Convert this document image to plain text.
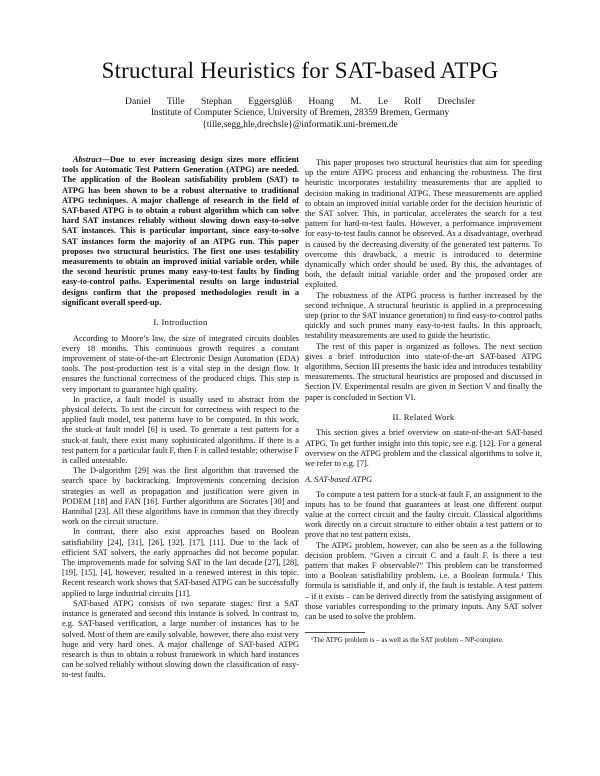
Structural Heuristics for SAT-based ATPG
Daniel Tille Stephan Eggersglüß Hoang M. Le Rolf Drechsler
Institute of Computer Science, University of Bremen, 28359 Bremen, Germany
{tille,segg,hle,drechsle}@informatik.uni-bremen.de

Abstract—Due to ever increasing design sizes more efficient tools for Automatic Test Pattern Generation (ATPG) are needed. The application of the Boolean satisfiability problem (SAT) to ATPG has been shown to be a robust alternative to traditional ATPG techniques. A major challenge of research in the field of SAT-based ATPG is to obtain a robust algorithm which can solve hard SAT instances reliably without slowing down easy-to-solve SAT instances. This is particular important, since easy-to-solve SAT instances form the majority of an ATPG run. This paper proposes two structural heuristics. The first one uses testability measurements to obtain an improved initial variable order, while the second heuristic prunes many easy-to-test faults by finding easy-to-control paths. Experimental results on large industrial designs confirm that the proposed methodologies result in a significant overall speed-up.

I. Introduction

According to Moore’s law, the size of integrated circuits doubles every 18 months. This continuous growth requires a constant improvement of state-of-the-art Electronic Design Automation (EDA) tools. The post-production test is a vital step in the design flow. It ensures the functional correctness of the produced chips. This step is very important to guarantee high quality.

In practice, a fault model is usually used to abstract from the physical defects. To test the circuit for correctness with respect to the applied fault model, test patterns have to be computed. In this work, the stuck-at fault model [6] is used. To generate a test pattern for a stuck-at fault, there exist many sophisticated algorithms. If there is a test pattern for a particular fault F, then F is called testable; otherwise F is called untestable.

The D-algorithm [29] was the first algorithm that traversed the search space by backtracking. Improvements concerning decision strategies as well as propagation and justification were given in PODEM [18] and FAN [16]. Further algorithms are Socrates [30] and Hannibal [23]. All these algorithms have in common that they directly work on the circuit structure.

In contrast, there also exist approaches based on Boolean satisfiability [24], [31], [26], [32], [17], [11]. Due to the lack of efficient SAT solvers, the early approaches did not become popular. The improvements made for solving SAT in the last decade [27], [28], [19], [15], [4], however, resulted in a renewed interest in this topic. Recent research work shows that SAT-based ATPG can be successfully applied to large industrial circuits [11].

SAT-based ATPG consists of two separate stages: first a SAT instance is generated and second this instance is solved. In contrast to, e.g. SAT-based verification, a large number of instances has to be solved. Most of them are easily solvable, however, there also exist very huge and very hard ones. A major challenge of SAT-based ATPG research is thus to obtain a robust framework in which hard instances can be solved reliably without slowing down the classification of easy-to-test faults.

This paper proposes two structural heuristics that aim for speeding up the entire ATPG process and enhancing the robustness. The first heuristic incorporates testability measurements that are applied to decision making in traditional ATPG. These measurements are applied to obtain an improved initial variable order for the decision heuristic of the SAT solver. This, in particular, accelerates the search for a test pattern for hard-to-test faults. However, a performance improvement for easy-to-test faults cannot be observed. As a disadvantage, overhead is caused by the decreasing diversity of the generated test patterns. To overcome this drawback, a metric is introduced to determine dynamically which order should be used. By this, the advantages of both, the default initial variable order and the proposed order are exploited.

The robustness of the ATPG process is further increased by the second technique. A structural heuristic is applied in a preprocessing step (prior to the SAT instance generation) to find easy-to-control paths quickly and such prunes many easy-to-test faults. In this approach, testability measurements are used to guide the heuristic.

The rest of this paper is organized as follows. The next section gives a brief introduction into state-of-the-art SAT-based ATPG algorithms. Section III presents the basic idea and introduces testability measurements. The structural heuristics are proposed and discussed in Section IV. Experimental results are given in Section V and finally the paper is concluded in Section VI.

II. Related Work

This section gives a brief overview on state-of-the-art SAT-based ATPG. To get further insight into this topic, see e.g. [12]. For a general overview on the ATPG problem and the classical algorithms to solve it, we refer to e.g. [7].

A. SAT-based ATPG

To compute a test pattern for a stuck-at fault F, an assignment to the inputs has to be found that guarantees at least one different output value at the correct circuit and the faulty circuit. Classical algorithms work directly on a circuit structure to either obtain a test pattern or to prove that no test pattern exists.

The ATPG problem, however, can also be seen as a the following decision problem. “Given a circuit C and a fault F. Is there a test pattern that makes F observable?” This problem can be transformed into a Boolean satisfiability problem, i.e. a Boolean formula.¹ This formula is satisfiable if, and only if, the fault is testable. A test pattern – if it exists – can be derived directly from the satisfying assignment of those variables corresponding to the primary inputs. Any SAT solver can be used to solve the problem.

¹The ATPG problem is – as well as the SAT problem – NP-complete.
